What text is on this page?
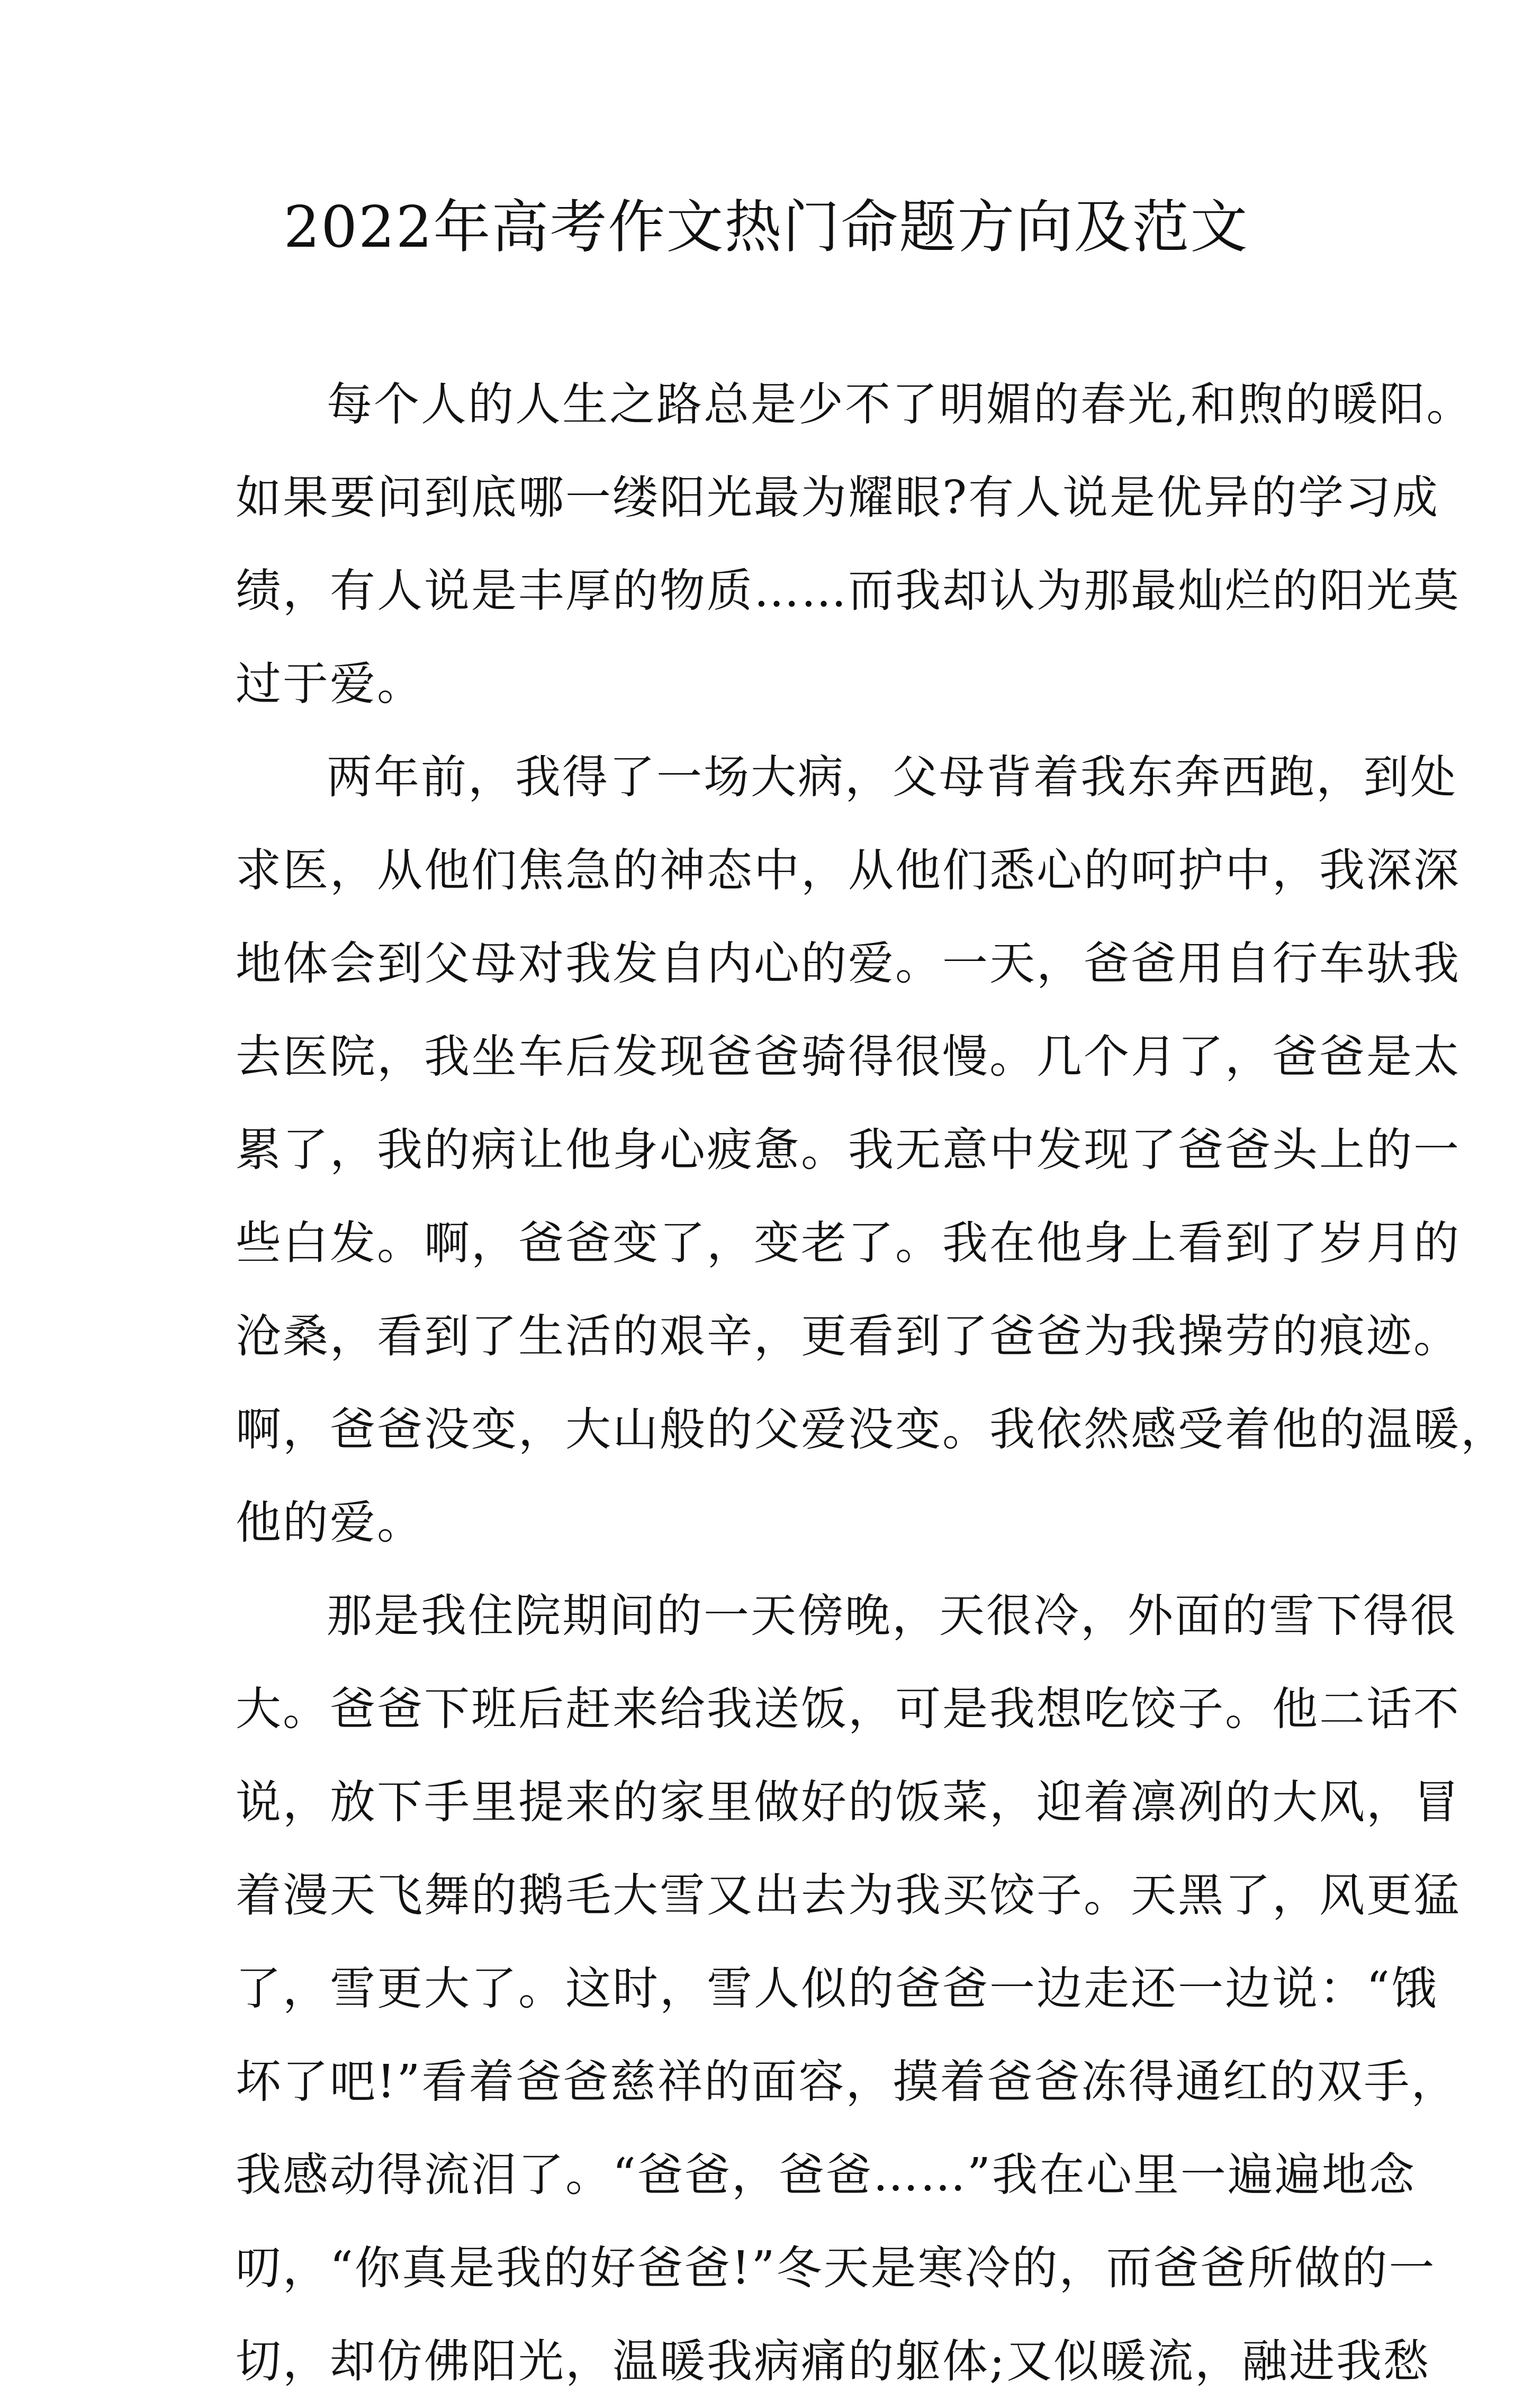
2022年高考作文热门命题方向及范文
每个人的人生之路总是少不了明媚的春光,和煦的暖阳。
如果要问到底哪一缕阳光最为耀眼?有人说是优异的学习成
绩，有人说是丰厚的物质……而我却认为那最灿烂的阳光莫
过于爱。
两年前，我得了一场大病，父母背着我东奔西跑，到处
求医，从他们焦急的神态中，从他们悉心的呵护中，我深深
地体会到父母对我发自内心的爱。一天，爸爸用自行车驮我
去医院，我坐车后发现爸爸骑得很慢。几个月了，爸爸是太
累了，我的病让他身心疲惫。我无意中发现了爸爸头上的一
些白发。啊，爸爸变了，变老了。我在他身上看到了岁月的
沧桑，看到了生活的艰辛，更看到了爸爸为我操劳的痕迹。
啊，爸爸没变，大山般的父爱没变。我依然感受着他的温暖，
他的爱。
那是我住院期间的一天傍晚，天很冷，外面的雪下得很
大。爸爸下班后赶来给我送饭，可是我想吃饺子。他二话不
说，放下手里提来的家里做好的饭菜，迎着凛冽的大风，冒
着漫天飞舞的鹅毛大雪又出去为我买饺子。天黑了，风更猛
了，雪更大了。这时，雪人似的爸爸一边走还一边说：“饿
坏了吧!”看着爸爸慈祥的面容，摸着爸爸冻得通红的双手，
我感动得流泪了。“爸爸，爸爸……”我在心里一遍遍地念
叨，“你真是我的好爸爸!”冬天是寒冷的，而爸爸所做的一
切，却仿佛阳光，温暖我病痛的躯体;又似暖流，融进我愁
